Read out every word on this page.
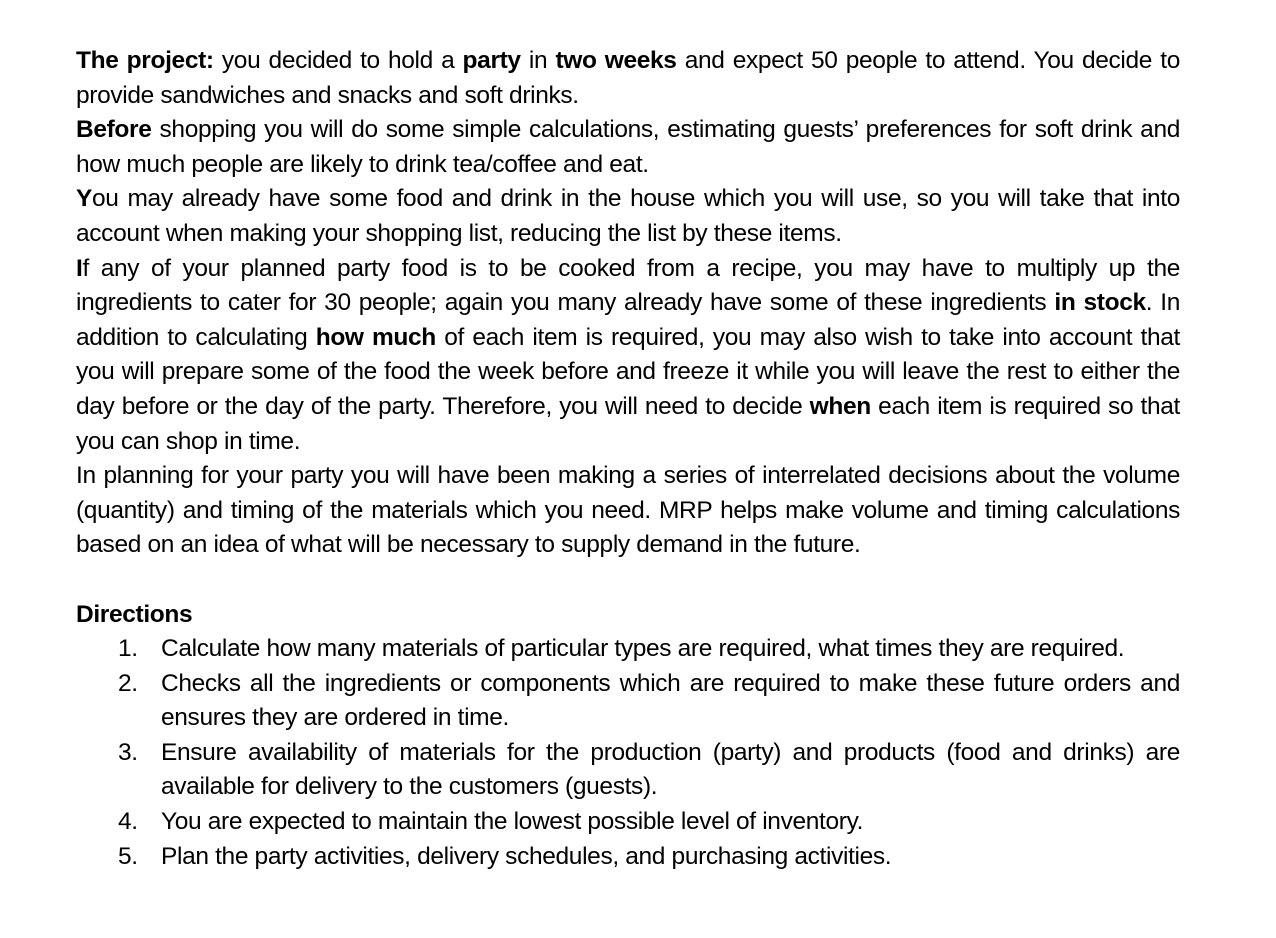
The project: you decided to hold a party in two weeks and expect 50 people to attend. You decide to provide sandwiches and snacks and soft drinks.

Before shopping you will do some simple calculations, estimating guests’ preferences for soft drink and how much people are likely to drink tea/coffee and eat.

You may already have some food and drink in the house which you will use, so you will take that into account when making your shopping list, reducing the list by these items.

If any of your planned party food is to be cooked from a recipe, you may have to multiply up the ingredients to cater for 30 people; again you many already have some of these ingredients in stock. In addition to calculating how much of each item is required, you may also wish to take into account that you will prepare some of the food the week before and freeze it while you will leave the rest to either the day before or the day of the party. Therefore, you will need to decide when each item is required so that you can shop in time.

In planning for your party you will have been making a series of interrelated decisions about the volume (quantity) and timing of the materials which you need. MRP helps make volume and timing calculations based on an idea of what will be necessary to supply demand in the future.

Directions

1. Calculate how many materials of particular types are required, what times they are required.
2. Checks all the ingredients or components which are required to make these future orders and ensures they are ordered in time.
3. Ensure availability of materials for the production (party) and products (food and drinks) are available for delivery to the customers (guests).
4. You are expected to maintain the lowest possible level of inventory.
5. Plan the party activities, delivery schedules, and purchasing activities.
